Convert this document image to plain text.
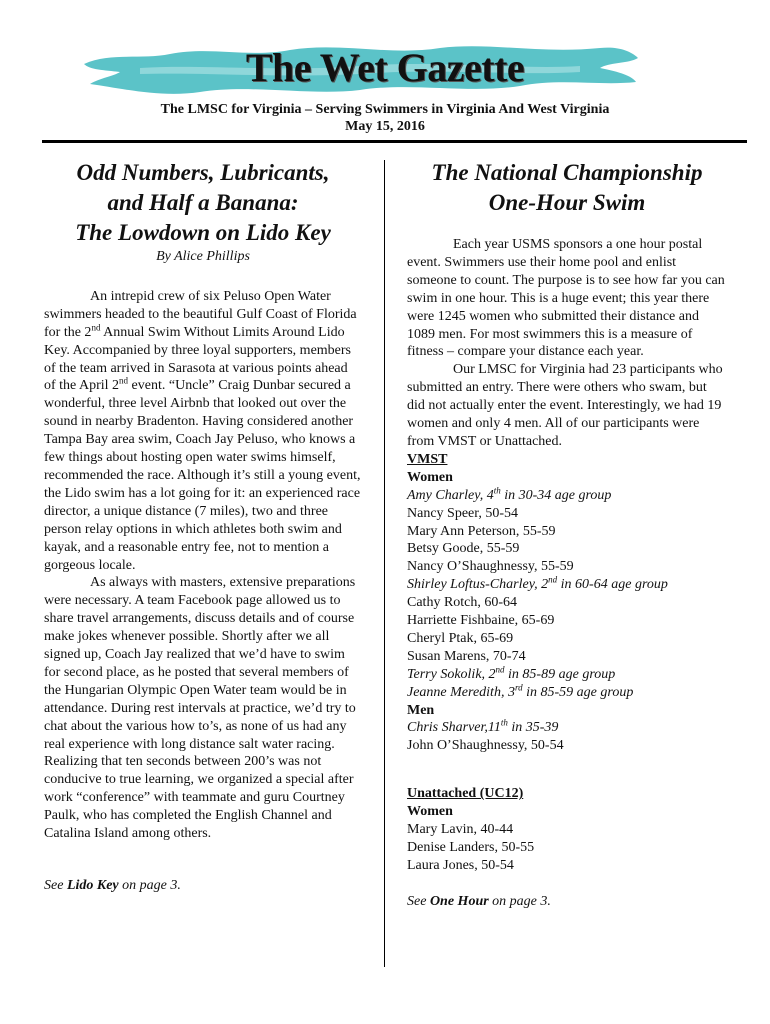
The Wet Gazette
The LMSC for Virginia – Serving Swimmers in Virginia And West Virginia
May 15, 2016
Odd Numbers, Lubricants,
and Half a Banana:
The Lowdown on Lido Key

By Alice Phillips

An intrepid crew of six Peluso Open Water swimmers headed to the beautiful Gulf Coast of Florida for the 2nd Annual Swim Without Limits Around Lido Key. Accompanied by three loyal supporters, members of the team arrived in Sarasota at various points ahead of the April 2nd event. “Uncle” Craig Dunbar secured a wonderful, three level Airbnb that looked out over the sound in nearby Bradenton. Having considered another Tampa Bay area swim, Coach Jay Peluso, who knows a few things about hosting open water swims himself, recommended the race. Although it’s still a young event, the Lido swim has a lot going for it: an experienced race director, a unique distance (7 miles), two and three person relay options in which athletes both swim and kayak, and a reasonable entry fee, not to mention a gorgeous locale.

As always with masters, extensive preparations were necessary. A team Facebook page allowed us to share travel arrangements, discuss details and of course make jokes whenever possible. Shortly after we all signed up, Coach Jay realized that we’d have to swim for second place, as he posted that several members of the Hungarian Olympic Open Water team would be in attendance. During rest intervals at practice, we’d try to chat about the various how to’s, as none of us had any real experience with long distance salt water racing. Realizing that ten seconds between 200’s was not conducive to true learning, we organized a special after work “conference” with teammate and guru Courtney Paulk, who has completed the English Channel and Catalina Island among others.

See Lido Key on page 3.

The National Championship
One-Hour Swim

Each year USMS sponsors a one hour postal event. Swimmers use their home pool and enlist someone to count. The purpose is to see how far you can swim in one hour. This is a huge event; this year there were 1245 women who submitted their distance and 1089 men. For most swimmers this is a measure of fitness – compare your distance each year.

Our LMSC for Virginia had 23 participants who submitted an entry. There were others who swam, but did not actually enter the event. Interestingly, we had 19 women and only 4 men. All of our participants were from VMST or Unattached.

VMST

Women

Amy Charley, 4th in 30-34 age group

Nancy Speer, 50-54

Mary Ann Peterson, 55-59

Betsy Goode, 55-59

Nancy O’Shaughnessy, 55-59

Shirley Loftus-Charley, 2nd in 60-64 age group

Cathy Rotch, 60-64

Harriette Fishbaine, 65-69

Cheryl Ptak, 65-69

Susan Marens, 70-74

Terry Sokolik, 2nd in 85-89 age group

Jeanne Meredith, 3rd in 85-59 age group

Men

Chris Sharver,11th in 35-39

John O’Shaughnessy, 50-54

Unattached (UC12)

Women

Mary Lavin, 40-44

Denise Landers, 50-55

Laura Jones, 50-54

See One Hour on page 3.
